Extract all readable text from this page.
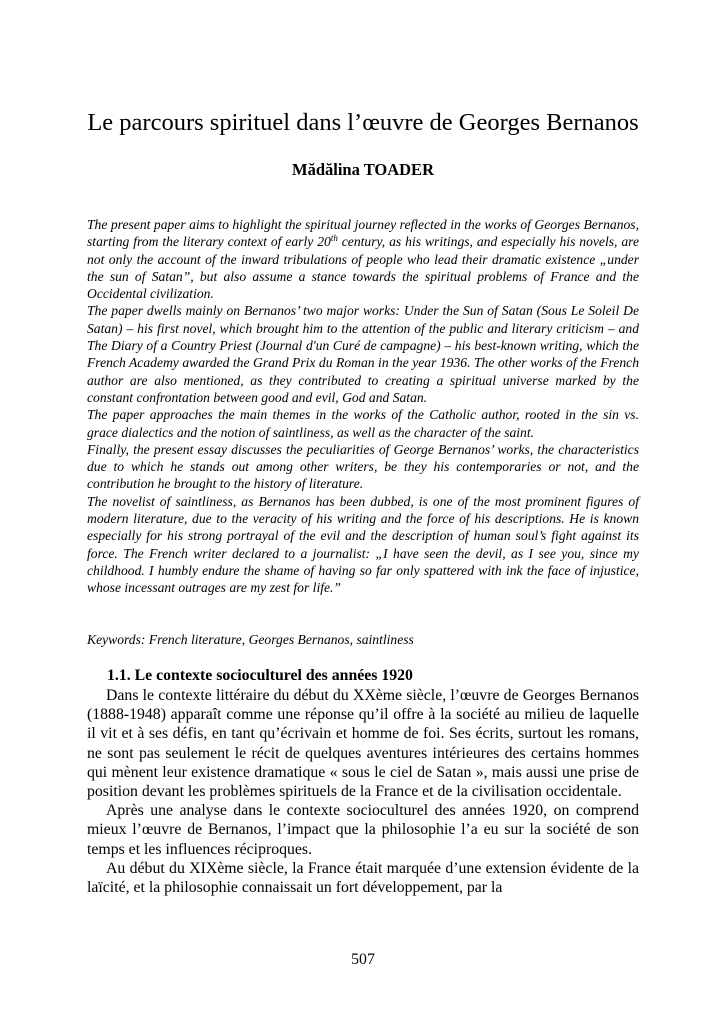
Le parcours spirituel dans l’œuvre de Georges Bernanos
Mădălina TOADER

The present paper aims to highlight the spiritual journey reflected in the works of Georges Bernanos, starting from the literary context of early 20th century, as his writings, and especially his novels, are not only the account of the inward tribulations of people who lead their dramatic existence „under the sun of Satan”, but also assume a stance towards the spiritual problems of France and the Occidental civilization.

The paper dwells mainly on Bernanos’ two major works: Under the Sun of Satan (Sous Le Soleil De Satan) – his first novel, which brought him to the attention of the public and literary criticism – and The Diary of a Country Priest (Journal d'un Curé de campagne) – his best-known writing, which the French Academy awarded the Grand Prix du Roman in the year 1936. The other works of the French author are also mentioned, as they contributed to creating a spiritual universe marked by the constant confrontation between good and evil, God and Satan.

The paper approaches the main themes in the works of the Catholic author, rooted in the sin vs. grace dialectics and the notion of saintliness, as well as the character of the saint.

Finally, the present essay discusses the peculiarities of George Bernanos’ works, the characteristics due to which he stands out among other writers, be they his contemporaries or not, and the contribution he brought to the history of literature.

The novelist of saintliness, as Bernanos has been dubbed, is one of the most prominent figures of modern literature, due to the veracity of his writing and the force of his descriptions. He is known especially for his strong portrayal of the evil and the description of human soul’s fight against its force. The French writer declared to a journalist: „I have seen the devil, as I see you, since my childhood. I humbly endure the shame of having so far only spattered with ink the face of injustice, whose incessant outrages are my zest for life.”

Keywords: French literature, Georges Bernanos, saintliness
1.1. Le contexte socioculturel des années 1920

Dans le contexte littéraire du début du XXème siècle, l’œuvre de Georges Bernanos (1888-1948) apparaît comme une réponse qu’il offre à la société au milieu de laquelle il vit et à ses défis, en tant qu’écrivain et homme de foi. Ses écrits, surtout les romans, ne sont pas seulement le récit de quelques aventures intérieures des certains hommes qui mènent leur existence dramatique « sous le ciel de Satan », mais aussi une prise de position devant les problèmes spirituels de la France et de la civilisation occidentale.

Après une analyse dans le contexte socioculturel des années 1920, on comprend mieux l’œuvre de Bernanos, l’impact que la philosophie l’a eu sur la société de son temps et les influences réciproques.

Au début du XIXème siècle, la France était marquée d’une extension évidente de la laïcité, et la philosophie connaissait un fort développement, par la

507
